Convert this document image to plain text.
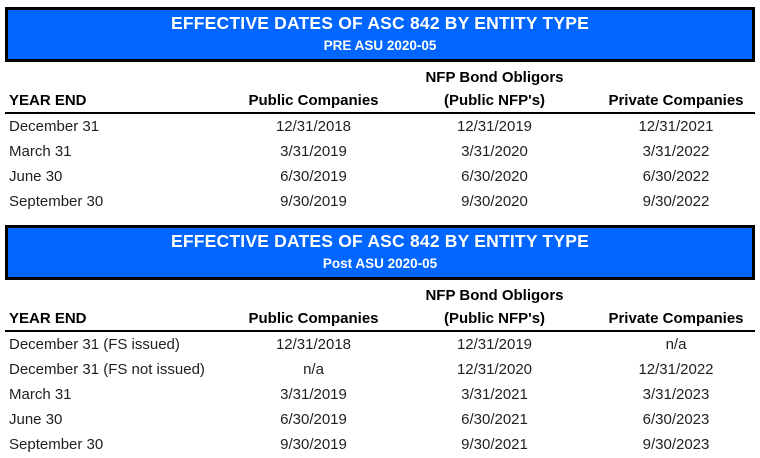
EFFECTIVE DATES OF ASC 842 BY ENTITY TYPE
PRE ASU 2020-05
		NFP Bond Obligors	
YEAR END	Public Companies	(Public NFP's)	Private Companies
December 31	12/31/2018	12/31/2019	12/31/2021
March 31	3/31/2019	3/31/2020	3/31/2022
June 30	6/30/2019	6/30/2020	6/30/2022
September 30	9/30/2019	9/30/2020	9/30/2022
EFFECTIVE DATES OF ASC 842 BY ENTITY TYPE
Post ASU 2020-05
		NFP Bond Obligors	
YEAR END	Public Companies	(Public NFP's)	Private Companies
December 31 (FS issued)	12/31/2018	12/31/2019	n/a
December 31 (FS not issued)	n/a	12/31/2020	12/31/2022
March 31	3/31/2019	3/31/2021	3/31/2023
June 30	6/30/2019	6/30/2021	6/30/2023
September 30	9/30/2019	9/30/2021	9/30/2023
